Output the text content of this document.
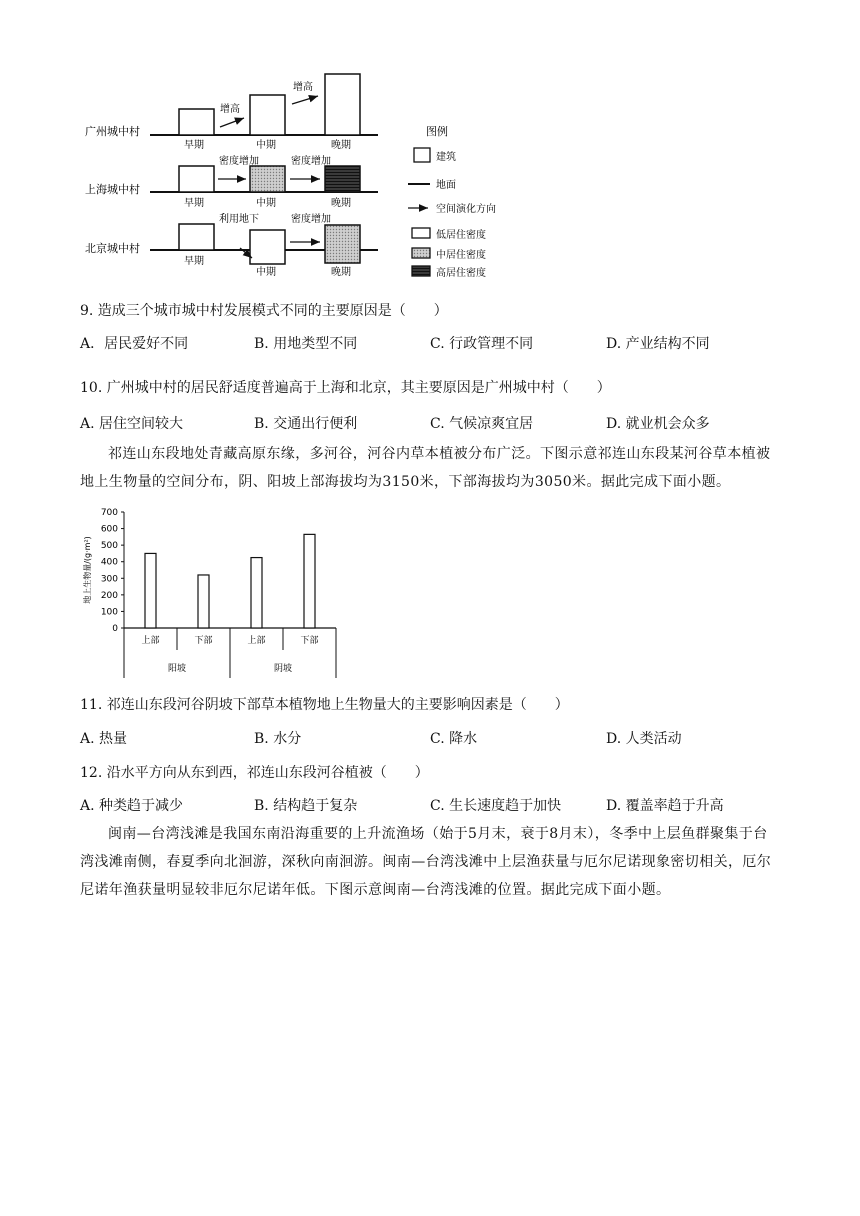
广州城中村
增高
增高
早期	中期	晚期
上海城中村
密度增加	密度增加
早期	中期	晚期
北京城中村
利用地下	密度增加
早期
中期	晚期
图例
建筑
地面
空间演化方向
低居住密度
中居住密度
高居住密度
9. 造成三个城市城中村发展模式不同的主要原因是（　　）
A．居民爱好不同	B. 用地类型不同	C. 行政管理不同	D. 产业结构不同
10. 广州城中村的居民舒适度普遍高于上海和北京，其主要原因是广州城中村（　　）
A. 居住空间较大	B. 交通出行便利	C. 气候凉爽宜居	D. 就业机会众多
祁连山东段地处青藏高原东缘，多河谷，河谷内草本植被分布广泛。下图示意祁连山东段某河谷草本植被地上生物量的空间分布，阴、阳坡上部海拔均为3150米，下部海拔均为3050米。据此完成下面小题。
0
100
200
300
400
500
600
700
地上生物量/(g·m²)
上部	下部	上部	下部
阳坡	阴坡
11. 祁连山东段河谷阴坡下部草本植物地上生物量大的主要影响因素是（　　）
A. 热量	B. 水分	C. 降水	D. 人类活动
12. 沿水平方向从东到西，祁连山东段河谷植被（　　）
A. 种类趋于减少	B. 结构趋于复杂	C. 生长速度趋于加快	D. 覆盖率趋于升高
闽南—台湾浅滩是我国东南沿海重要的上升流渔场（始于5月末，衰于8月末），冬季中上层鱼群聚集于台湾浅滩南侧，春夏季向北洄游，深秋向南洄游。闽南—台湾浅滩中上层渔获量与厄尔尼诺现象密切相关，厄尔尼诺年渔获量明显较非厄尔尼诺年低。下图示意闽南—台湾浅滩的位置。据此完成下面小题。
